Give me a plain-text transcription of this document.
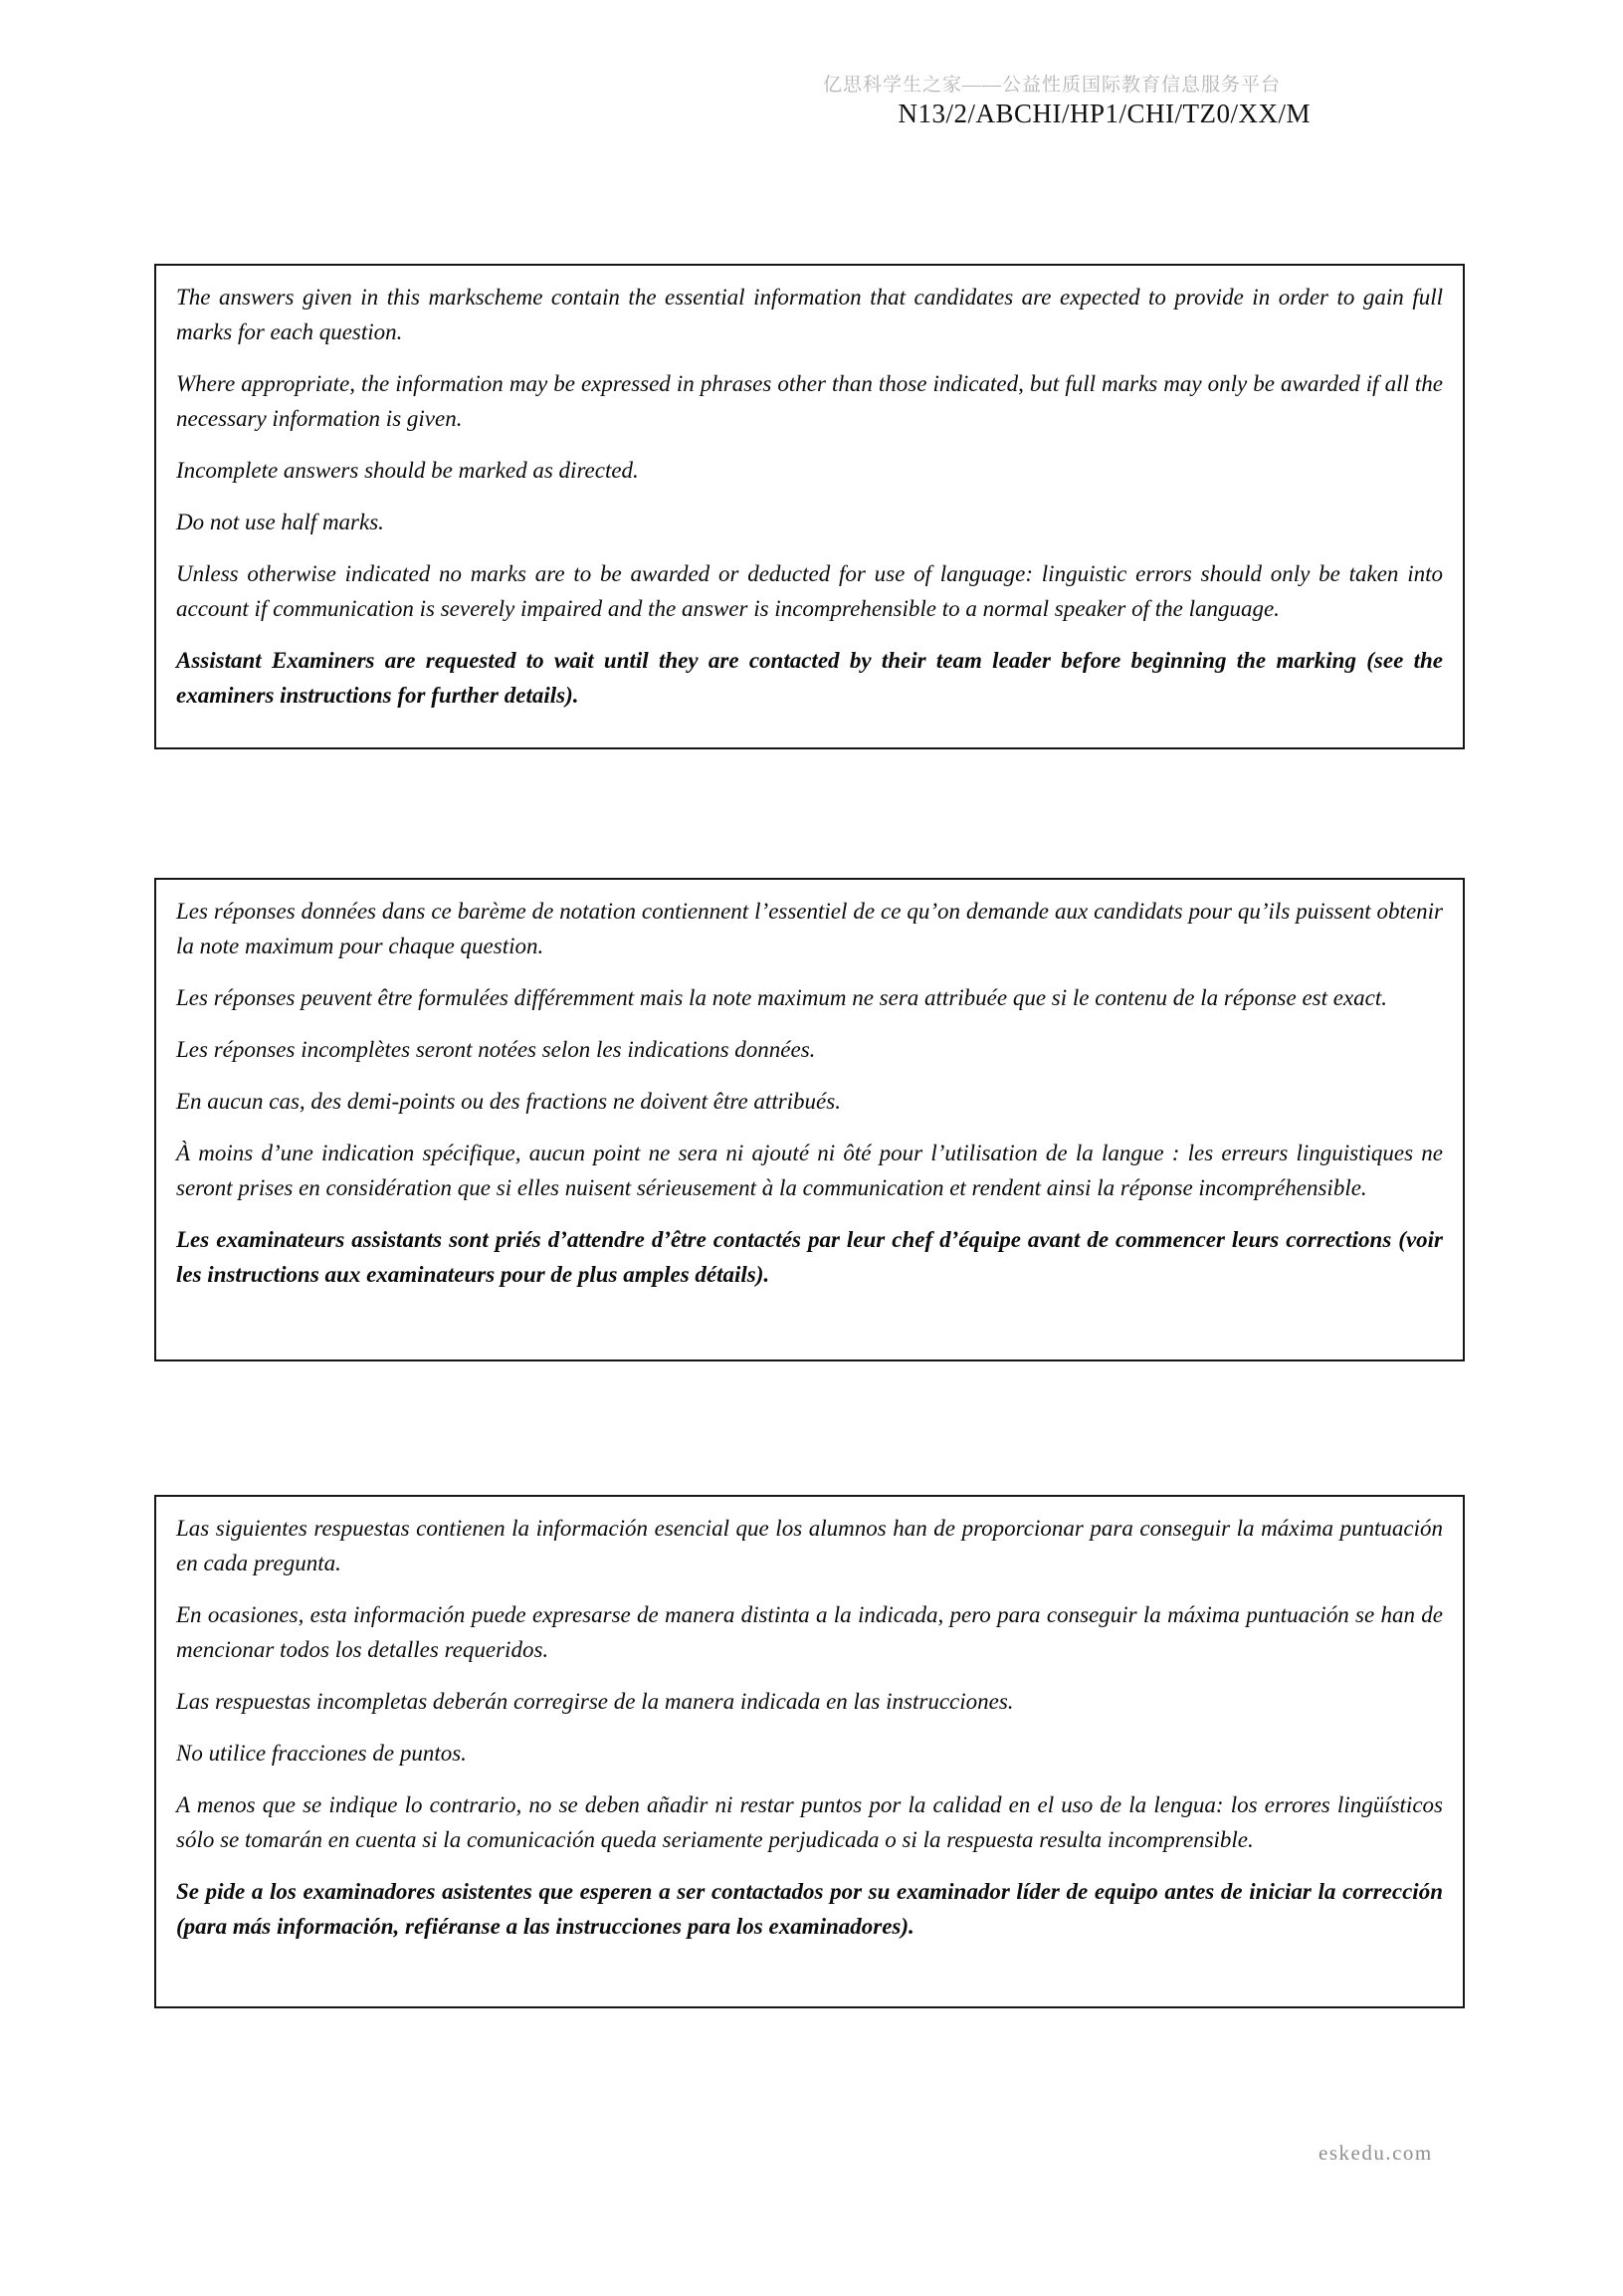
亿思科学生之家——公益性质国际教育信息服务平台
N13/2/ABCHI/HP1/CHI/TZ0/XX/M

The answers given in this markscheme contain the essential information that candidates are expected to provide in order to gain full marks for each question.

Where appropriate, the information may be expressed in phrases other than those indicated, but full marks may only be awarded if all the necessary information is given.

Incomplete answers should be marked as directed.

Do not use half marks.

Unless otherwise indicated no marks are to be awarded or deducted for use of language: linguistic errors should only be taken into account if communication is severely impaired and the answer is incomprehensible to a normal speaker of the language.

Assistant Examiners are requested to wait until they are contacted by their team leader before beginning the marking (see the examiners instructions for further details).

Les réponses données dans ce barème de notation contiennent l’essentiel de ce qu’on demande aux candidats pour qu’ils puissent obtenir la note maximum pour chaque question.

Les réponses peuvent être formulées différemment mais la note maximum ne sera attribuée que si le contenu de la réponse est exact.

Les réponses incomplètes seront notées selon les indications données.

En aucun cas, des demi-points ou des fractions ne doivent être attribués.

À moins d’une indication spécifique, aucun point ne sera ni ajouté ni ôté pour l’utilisation de la langue : les erreurs linguistiques ne seront prises en considération que si elles nuisent sérieusement à la communication et rendent ainsi la réponse incompréhensible.

Les examinateurs assistants sont priés d’attendre d’être contactés par leur chef d’équipe avant de commencer leurs corrections (voir les instructions aux examinateurs pour de plus amples détails).

Las siguientes respuestas contienen la información esencial que los alumnos han de proporcionar para conseguir la máxima puntuación en cada pregunta.

En ocasiones, esta información puede expresarse de manera distinta a la indicada, pero para conseguir la máxima puntuación se han de mencionar todos los detalles requeridos.

Las respuestas incompletas deberán corregirse de la manera indicada en las instrucciones.

No utilice fracciones de puntos.

A menos que se indique lo contrario, no se deben añadir ni restar puntos por la calidad en el uso de la lengua: los errores lingüísticos sólo se tomarán en cuenta si la comunicación queda seriamente perjudicada o si la respuesta resulta incomprensible.

Se pide a los examinadores asistentes que esperen a ser contactados por su examinador líder de equipo antes de iniciar la corrección (para más información, refiéranse a las instrucciones para los examinadores).

eskedu.com
